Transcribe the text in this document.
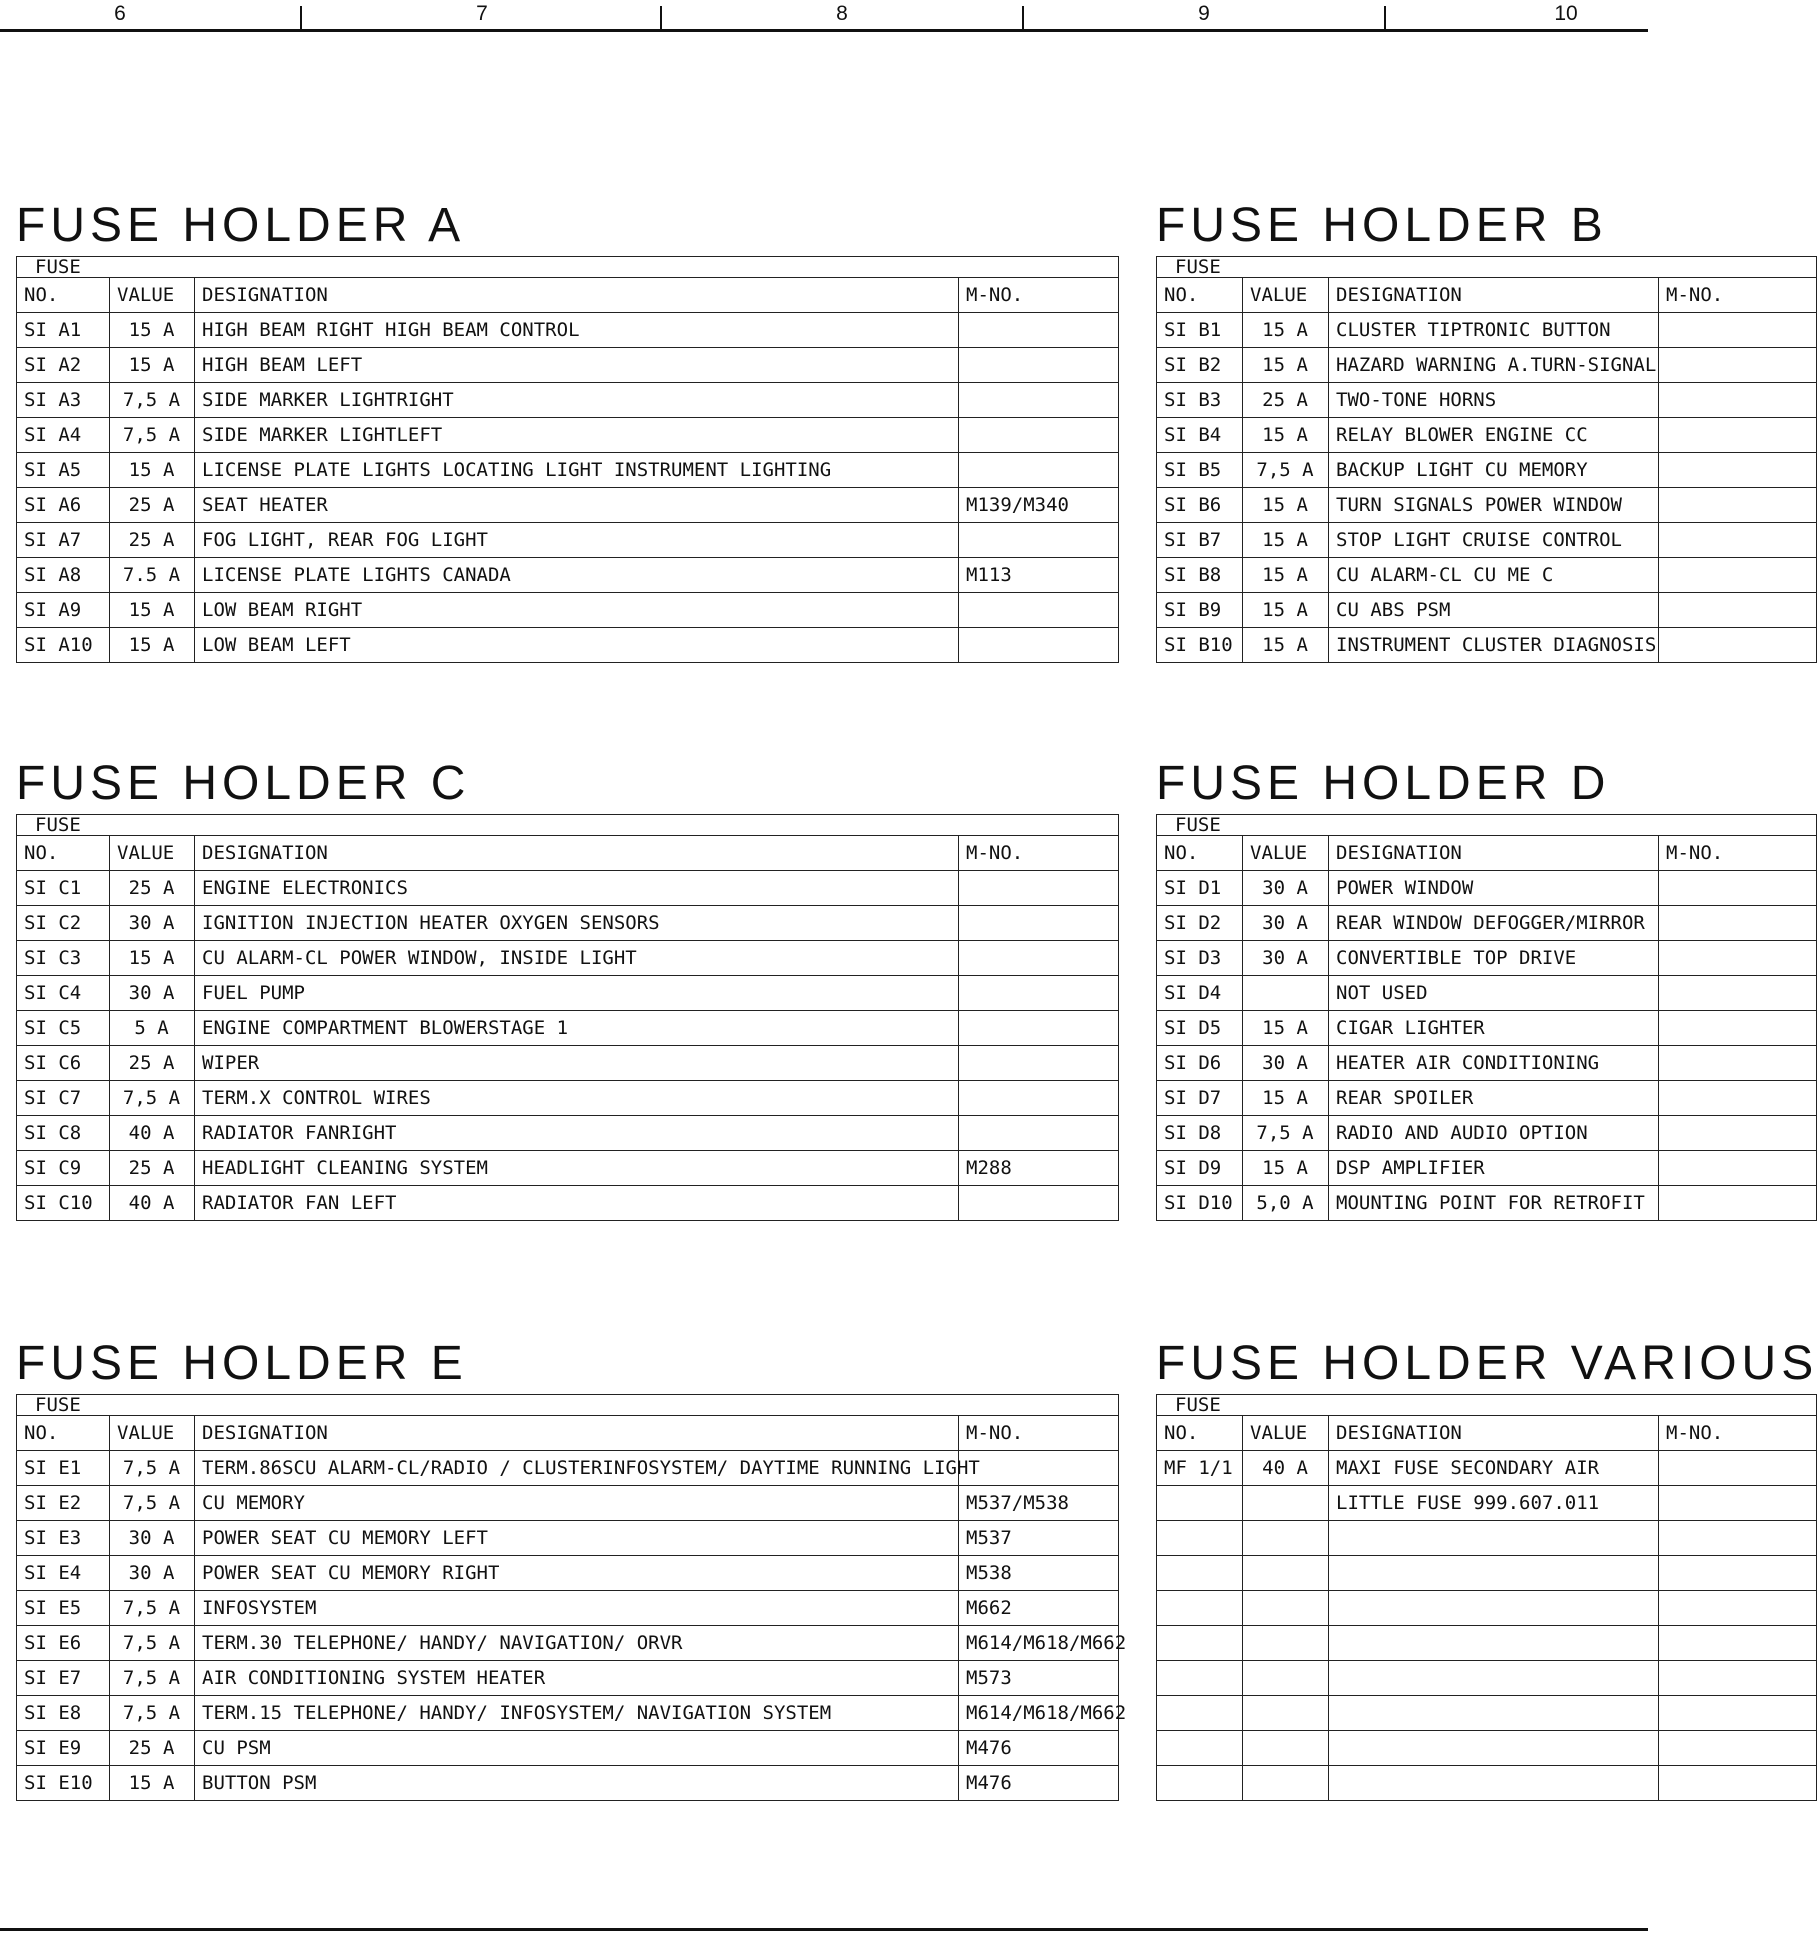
6	7	8	9	10
FUSE HOLDER A
FUSE			
NO.	VALUE	DESIGNATION	M-NO.
SI A1	15 A	HIGH BEAM RIGHT HIGH BEAM CONTROL	
SI A2	15 A	HIGH BEAM LEFT	
SI A3	7,5 A	SIDE MARKER LIGHTRIGHT	
SI A4	7,5 A	SIDE MARKER LIGHTLEFT	
SI A5	15 A	LICENSE PLATE LIGHTS LOCATING LIGHT INSTRUMENT LIGHTING	
SI A6	25 A	SEAT HEATER	M139/M340
SI A7	25 A	FOG LIGHT, REAR FOG LIGHT	
SI A8	7.5 A	LICENSE PLATE LIGHTS CANADA	M113
SI A9	15 A	LOW BEAM RIGHT	
SI A10	15 A	LOW BEAM LEFT	
FUSE HOLDER B
FUSE			
NO.	VALUE	DESIGNATION	M-NO.
SI B1	15 A	CLUSTER TIPTRONIC BUTTON	
SI B2	15 A	HAZARD WARNING A.TURN-SIGNAL	
SI B3	25 A	TWO-TONE HORNS	
SI B4	15 A	RELAY BLOWER ENGINE CC	
SI B5	7,5 A	BACKUP LIGHT CU MEMORY	
SI B6	15 A	TURN SIGNALS POWER WINDOW	
SI B7	15 A	STOP LIGHT CRUISE CONTROL	
SI B8	15 A	CU ALARM-CL CU ME C	
SI B9	15 A	CU ABS PSM	
SI B10	15 A	INSTRUMENT CLUSTER DIAGNOSIS	
FUSE HOLDER C
FUSE			
NO.	VALUE	DESIGNATION	M-NO.
SI C1	25 A	ENGINE ELECTRONICS	
SI C2	30 A	IGNITION INJECTION HEATER OXYGEN SENSORS	
SI C3	15 A	CU ALARM-CL POWER WINDOW, INSIDE LIGHT	
SI C4	30 A	FUEL PUMP	
SI C5	5 A	ENGINE COMPARTMENT BLOWERSTAGE 1	
SI C6	25 A	WIPER	
SI C7	7,5 A	TERM.X CONTROL WIRES	
SI C8	40 A	RADIATOR FANRIGHT	
SI C9	25 A	HEADLIGHT CLEANING SYSTEM	M288
SI C10	40 A	RADIATOR FAN LEFT	
FUSE HOLDER D
FUSE			
NO.	VALUE	DESIGNATION	M-NO.
SI D1	30 A	POWER WINDOW	
SI D2	30 A	REAR WINDOW DEFOGGER/MIRROR	
SI D3	30 A	CONVERTIBLE TOP DRIVE	
SI D4		NOT USED	
SI D5	15 A	CIGAR LIGHTER	
SI D6	30 A	HEATER AIR CONDITIONING	
SI D7	15 A	REAR SPOILER	
SI D8	7,5 A	RADIO AND AUDIO OPTION	
SI D9	15 A	DSP AMPLIFIER	
SI D10	5,0 A	MOUNTING POINT FOR RETROFIT	
FUSE HOLDER E
FUSE			
NO.	VALUE	DESIGNATION	M-NO.
SI E1	7,5 A	TERM.86SCU ALARM-CL/RADIO / CLUSTERINFOSYSTEM/ DAYTIME RUNNING LIGHT	
SI E2	7,5 A	CU MEMORY	M537/M538
SI E3	30 A	POWER SEAT CU MEMORY LEFT	M537
SI E4	30 A	POWER SEAT CU MEMORY RIGHT	M538
SI E5	7,5 A	INFOSYSTEM	M662
SI E6	7,5 A	TERM.30 TELEPHONE/ HANDY/ NAVIGATION/ ORVR	M614/M618/M662
SI E7	7,5 A	AIR CONDITIONING SYSTEM HEATER	M573
SI E8	7,5 A	TERM.15 TELEPHONE/ HANDY/ INFOSYSTEM/ NAVIGATION SYSTEM	M614/M618/M662
SI E9	25 A	CU PSM	M476
SI E10	15 A	BUTTON PSM	M476
FUSE HOLDER VARIOUS
FUSE			
NO.	VALUE	DESIGNATION	M-NO.
MF 1/1	40 A	MAXI FUSE SECONDARY AIR	
		LITTLE FUSE 999.607.011	
